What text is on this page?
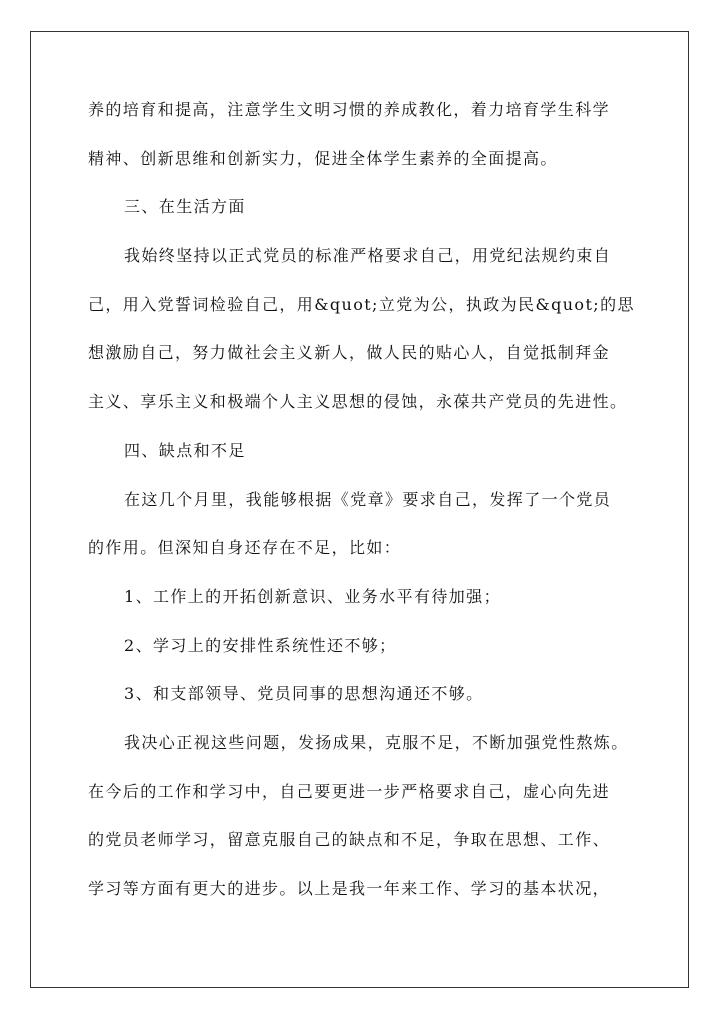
养的培育和提高，注意学生文明习惯的养成教化，着力培育学生科学
精神、创新思维和创新实力，促进全体学生素养的全面提高。
三、在生活方面
我始终坚持以正式党员的标准严格要求自己，用党纪法规约束自
己，用入党誓词检验自己，用&quot;立党为公，执政为民&quot;的思
想激励自己，努力做社会主义新人，做人民的贴心人，自觉抵制拜金
主义、享乐主义和极端个人主义思想的侵蚀，永葆共产党员的先进性。
四、缺点和不足
在这几个月里，我能够根据《党章》要求自己，发挥了一个党员
的作用。但深知自身还存在不足，比如：
1、工作上的开拓创新意识、业务水平有待加强；
2、学习上的安排性系统性还不够；
3、和支部领导、党员同事的思想沟通还不够。
我决心正视这些问题，发扬成果，克服不足，不断加强党性熬炼。
在今后的工作和学习中，自己要更进一步严格要求自己，虚心向先进
的党员老师学习，留意克服自己的缺点和不足，争取在思想、工作、
学习等方面有更大的进步。以上是我一年来工作、学习的基本状况，
